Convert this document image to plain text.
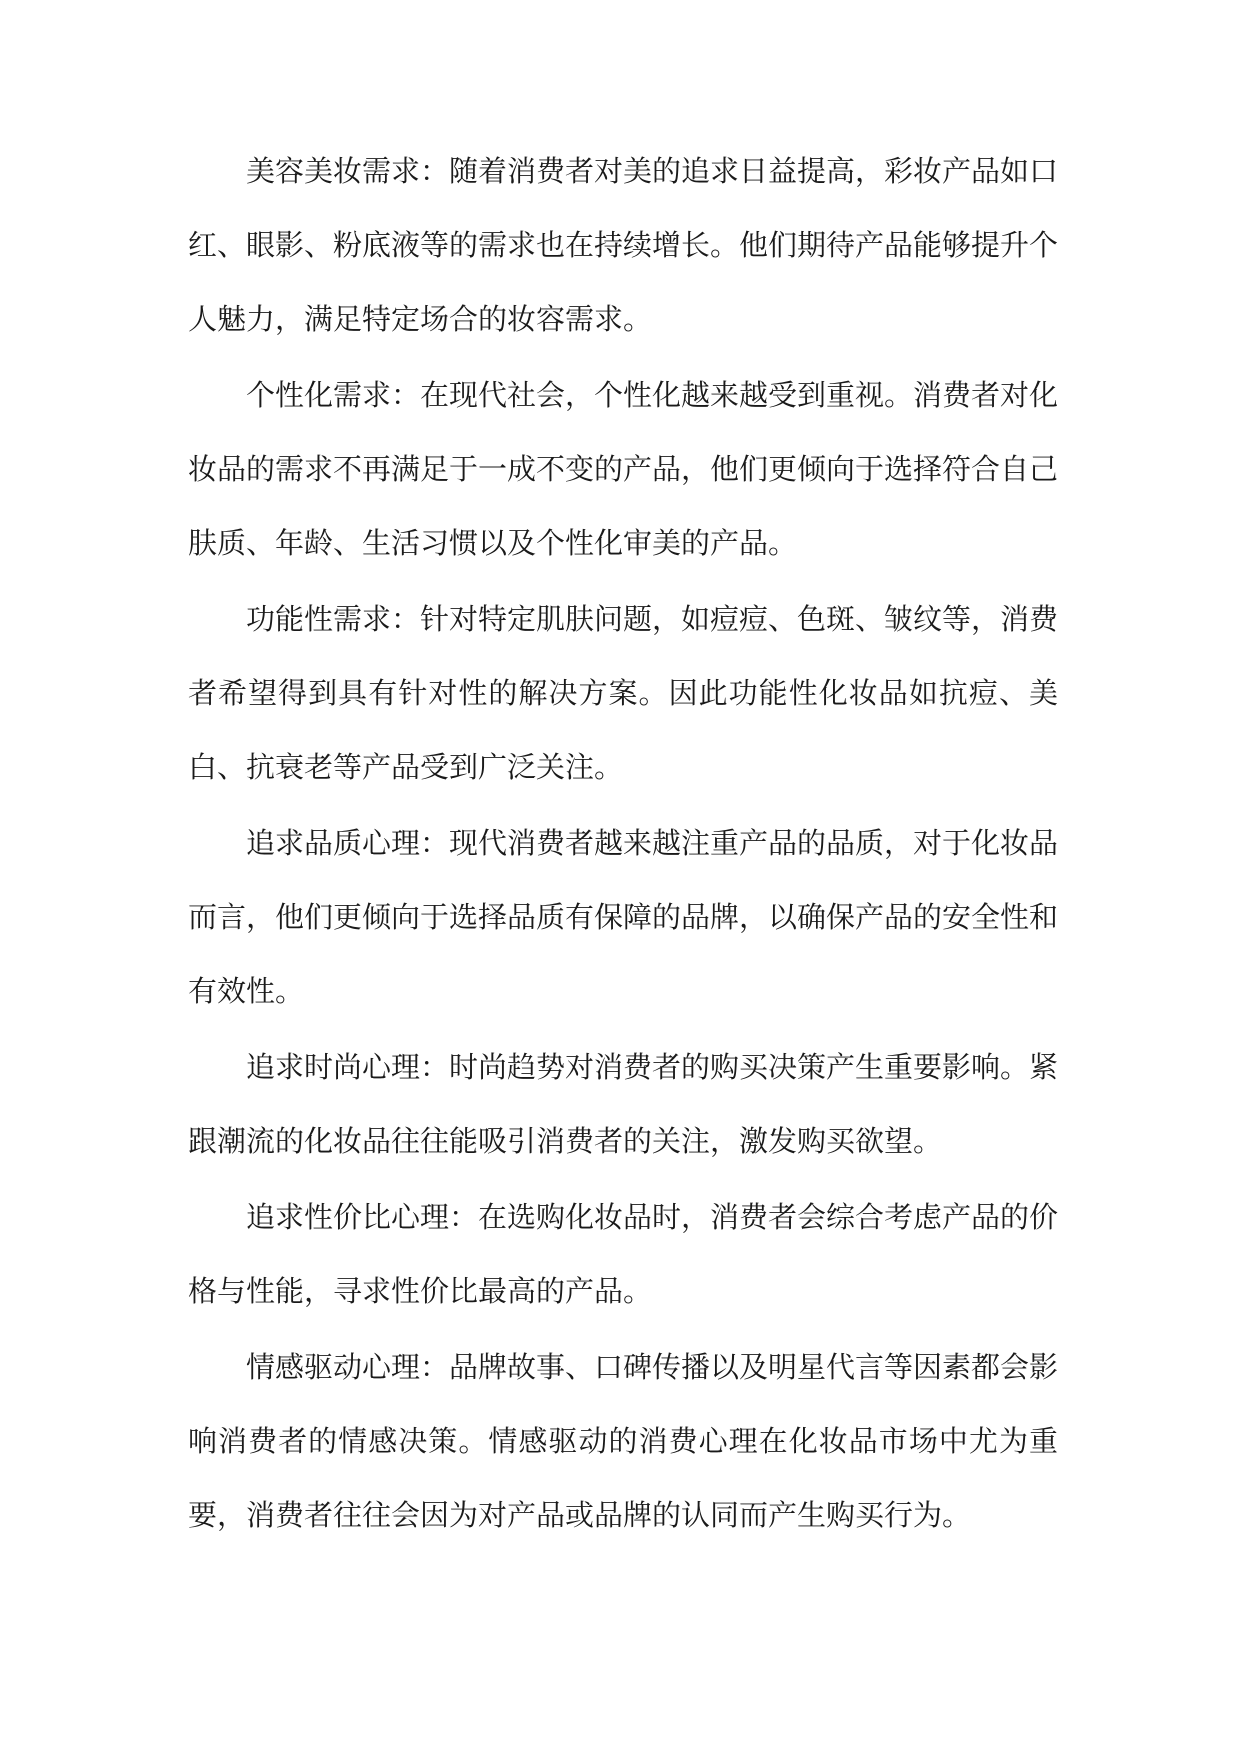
美容美妆需求：随着消费者对美的追求日益提高，彩妆产品如口红、眼影、粉底液等的需求也在持续增长。他们期待产品能够提升个人魅力，满足特定场合的妆容需求。

个性化需求：在现代社会，个性化越来越受到重视。消费者对化妆品的需求不再满足于一成不变的产品，他们更倾向于选择符合自己肤质、年龄、生活习惯以及个性化审美的产品。

功能性需求：针对特定肌肤问题，如痘痘、色斑、皱纹等，消费者希望得到具有针对性的解决方案。因此功能性化妆品如抗痘、美白、抗衰老等产品受到广泛关注。

追求品质心理：现代消费者越来越注重产品的品质，对于化妆品而言，他们更倾向于选择品质有保障的品牌，以确保产品的安全性和有效性。

追求时尚心理：时尚趋势对消费者的购买决策产生重要影响。紧跟潮流的化妆品往往能吸引消费者的关注，激发购买欲望。

追求性价比心理：在选购化妆品时，消费者会综合考虑产品的价格与性能，寻求性价比最高的产品。

情感驱动心理：品牌故事、口碑传播以及明星代言等因素都会影响消费者的情感决策。情感驱动的消费心理在化妆品市场中尤为重要，消费者往往会因为对产品或品牌的认同而产生购买行为。
